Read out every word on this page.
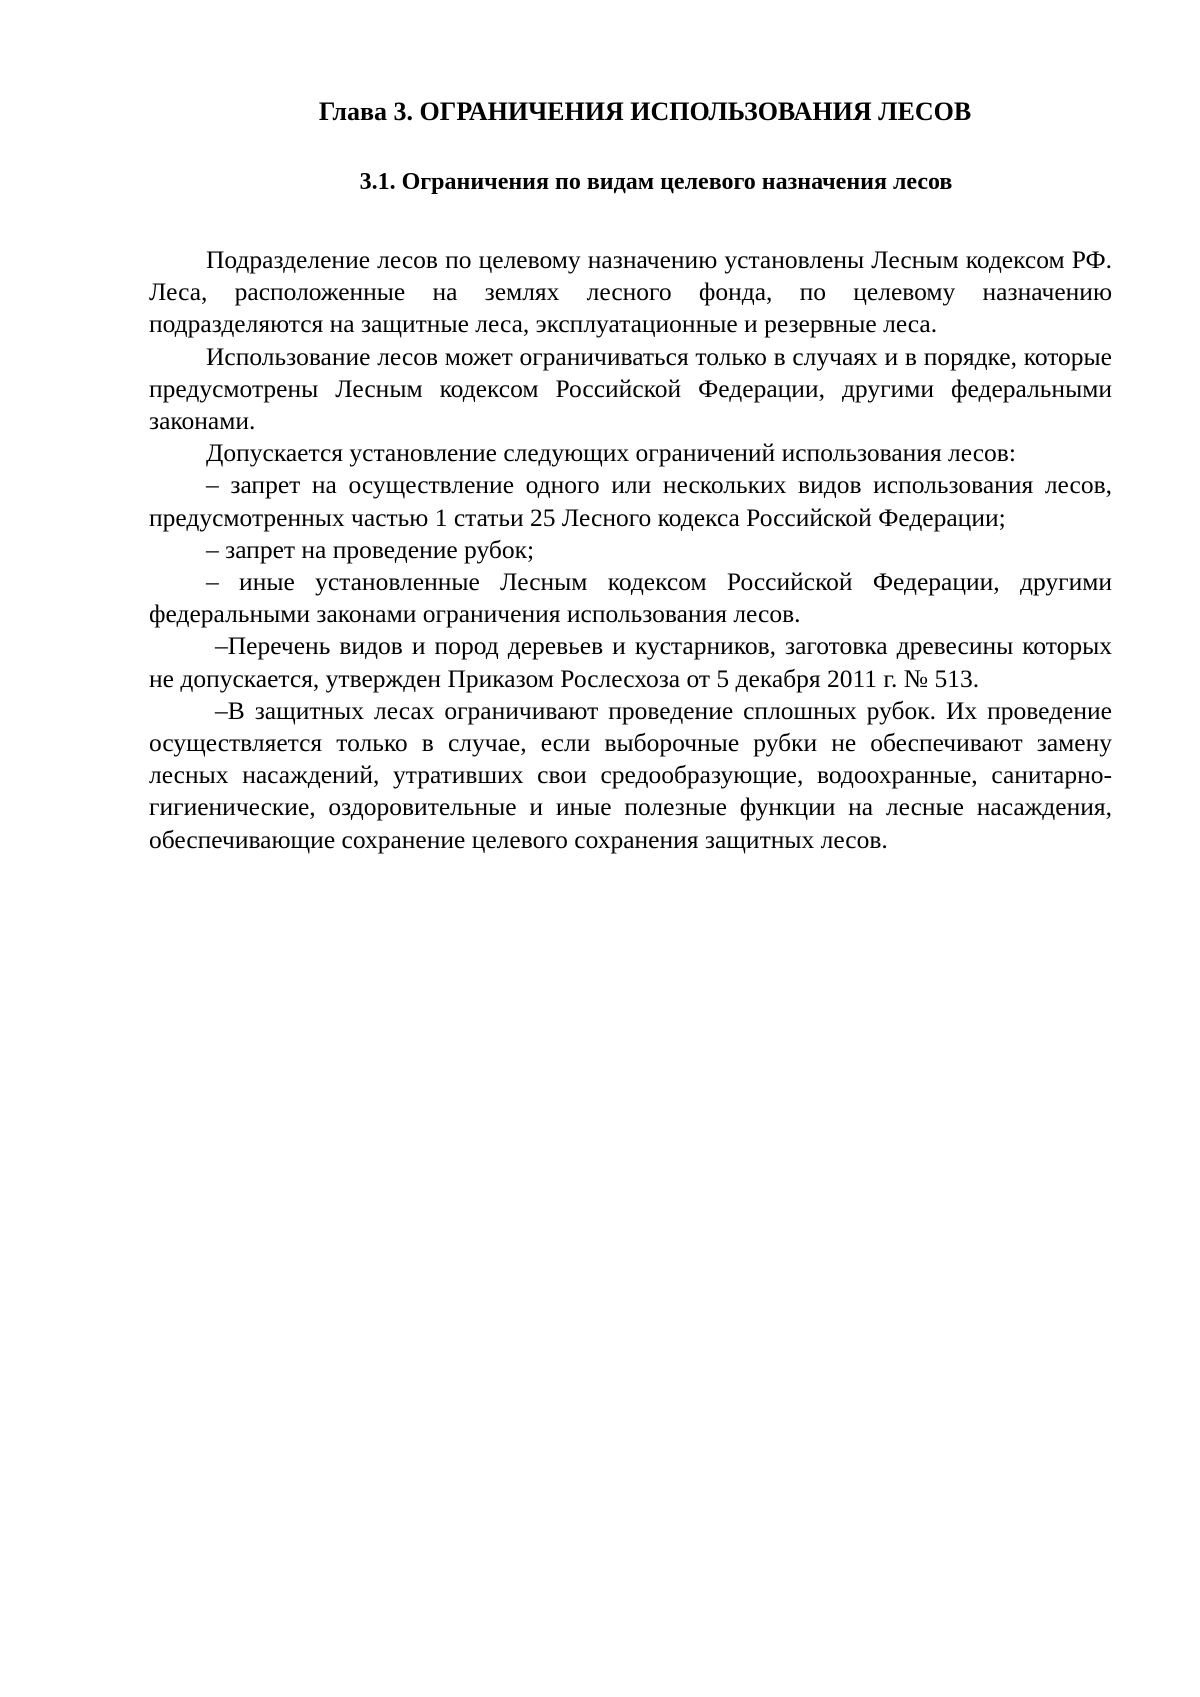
Глава 3. ОГРАНИЧЕНИЯ ИСПОЛЬЗОВАНИЯ ЛЕСОВ
3.1. Ограничения по видам целевого назначения лесов

Подразделение лесов по целевому назначению установлены Лесным кодексом РФ. Леса, расположенные на землях лесного фонда, по целевому назначению подразделяются на защитные леса, эксплуатационные и резервные леса.

Использование лесов может ограничиваться только в случаях и в порядке, которые предусмотрены Лесным кодексом Российской Федерации, другими федеральными законами.

Допускается установление следующих ограничений использования лесов:

– запрет на осуществление одного или нескольких видов использования лесов, предусмотренных частью 1 статьи 25 Лесного кодекса Российской Федерации;

– запрет на проведение рубок;

– иные установленные Лесным кодексом Российской Федерации, другими федеральными законами ограничения использования лесов.

–Перечень видов и пород деревьев и кустарников, заготовка древесины которых не допускается, утвержден Приказом Рослесхоза от 5 декабря 2011 г. № 513.

–В защитных лесах ограничивают проведение сплошных рубок. Их проведение осуществляется только в случае, если выборочные рубки не обеспечивают замену лесных насаждений, утративших свои средообразующие, водоохранные, санитарно-гигиенические, оздоровительные и иные полезные функции на лесные насаждения, обеспечивающие сохранение целевого сохранения защитных лесов.
